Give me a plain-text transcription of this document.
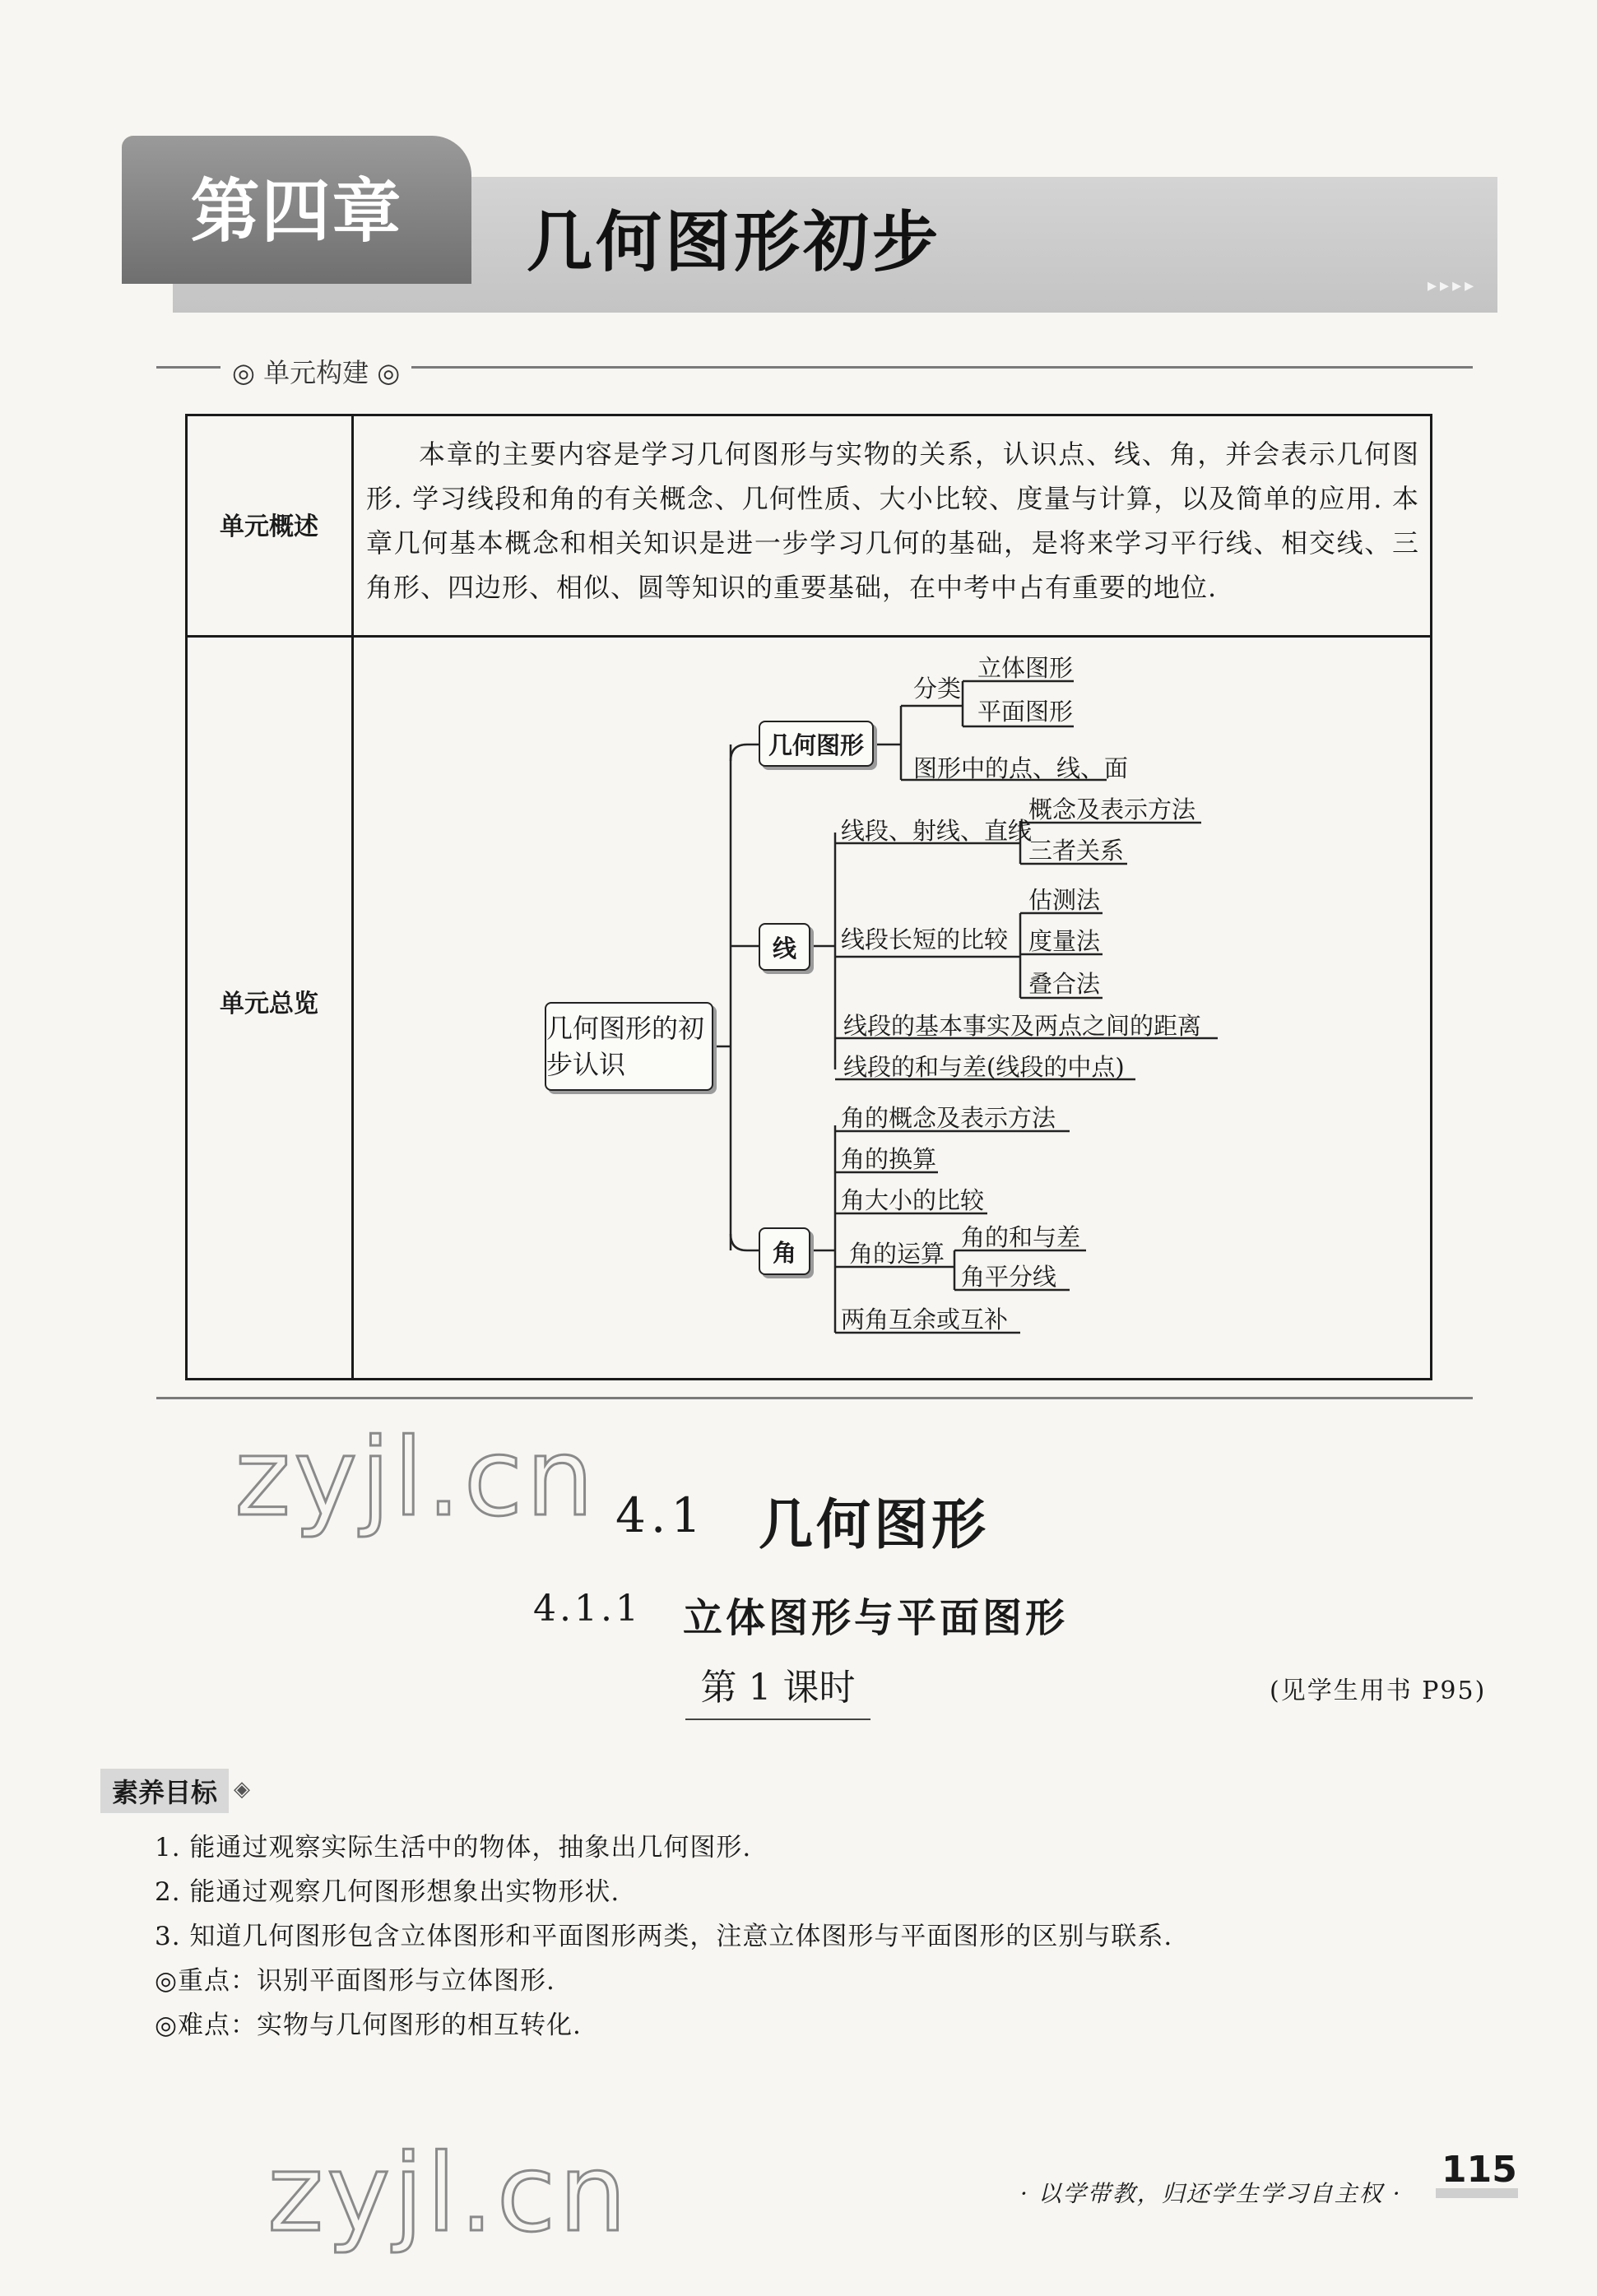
▸▸▸▸
第四章	几何图形初步
◎ 单元构建 ◎
单元概述
本章的主要内容是学习几何图形与实物的关系，认识点、线、角，并会表示几何图形. 学习线段和角的有关概念、几何性质、大小比较、度量与计算，以及简单的应用. 本章几何基本概念和相关知识是进一步学习几何的基础，是将来学习平行线、相交线、三角形、四边形、相似、圆等知识的重要基础，在中考中占有重要的地位.
单元总览
几何图形的初步认识
几何图形
线
角
分类
立体图形
平面图形
图形中的点、线、面
线段、射线、直线
概念及表示方法
三者关系
线段长短的比较
估测法
度量法
叠合法
线段的基本事实及两点之间的距离
线段的和与差(线段的中点)
角的概念及表示方法
角的换算
角大小的比较
角的运算
角的和与差
角平分线
两角互余或互补
zyjl.cn
zyjl.cn
4.1 几何图形
4.1.1 立体图形与平面图形
第 1 课时	(见学生用书 P95)
素养目标 ◈
1. 能通过观察实际生活中的物体，抽象出几何图形.
2. 能通过观察几何图形想象出实物形状.
3. 知道几何图形包含立体图形和平面图形两类，注意立体图形与平面图形的区别与联系.
◎重点：识别平面图形与立体图形.
◎难点：实物与几何图形的相互转化.
· 以学带教，归还学生学习自主权 ·
115
